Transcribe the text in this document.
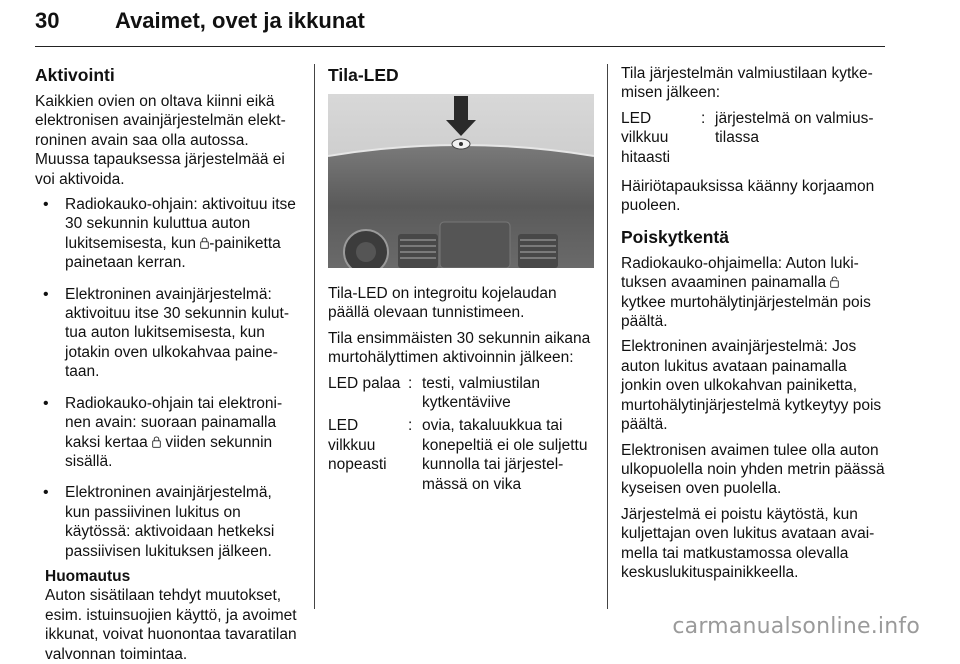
30	Avaimet, ovet ja ikkunat
Aktivointi

Kaikkien ovien on oltava kiinni eikä elektronisen avainjärjestelmän elektroninen avain saa olla autossa. Muussa tapauksessa järjestelmää ei voi aktivoida.

• Radiokauko-ohjain: aktivoituu itse 30 sekunnin kuluttua auton lukitsemisesta, kun -painiketta painetaan kerran.
• Elektroninen avainjärjestelmä: aktivoituu itse 30 sekunnin kuluttua auton lukitsemisesta, kun jotakin oven ulkokahvaa painetaan.
• Radiokauko-ohjain tai elektroninen avain: suoraan painamalla kaksi kertaa  viiden sekunnin sisällä.
• Elektroninen avainjärjestelmä, kun passiivinen lukitus on käytössä: aktivoidaan hetkeksi passiivisen lukituksen jälkeen.
Huomautus
Auton sisätilaan tehdyt muutokset, esim. istuinsuojien käyttö, ja avoimet ikkunat, voivat huonontaa tavaratilan valvonnan toimintaa.
Tila-LED

Tila-LED on integroitu kojelaudan päällä olevaan tunnistimeen.

Tila ensimmäisten 30 sekunnin aikana murtohälyttimen aktivoinnin jälkeen:

LED palaa : testi, valmiustilan kytkentäviive
LED vilkkuu nopeasti
: ovia, takaluukkua tai konepeltiä ei ole suljettu kunnolla tai järjestelmässä on vika

Tila järjestelmän valmiustilaan kytkemisen jälkeen:

LED vilkkuu hitaasti
: järjestelmä on valmiustilassa

Häiriötapauksissa käänny korjaamon puoleen.

Poiskytkentä

Radiokauko-ohjaimella: Auton lukituksen avaaminen painamalla  kytkee murtohälytinjärjestelmän pois päältä.

Elektroninen avainjärjestelmä: Jos auton lukitus avataan painamalla jonkin oven ulkokahvan painiketta, murtohälytinjärjestelmä kytkeytyy pois päältä.

Elektronisen avaimen tulee olla auton ulkopuolella noin yhden metrin päässä kyseisen oven puolella.

Järjestelmä ei poistu käytöstä, kun kuljettajan oven lukitus avataan avaimella tai matkustamossa olevalla keskuslukituspainikkeella.

carmanualsonline.info
